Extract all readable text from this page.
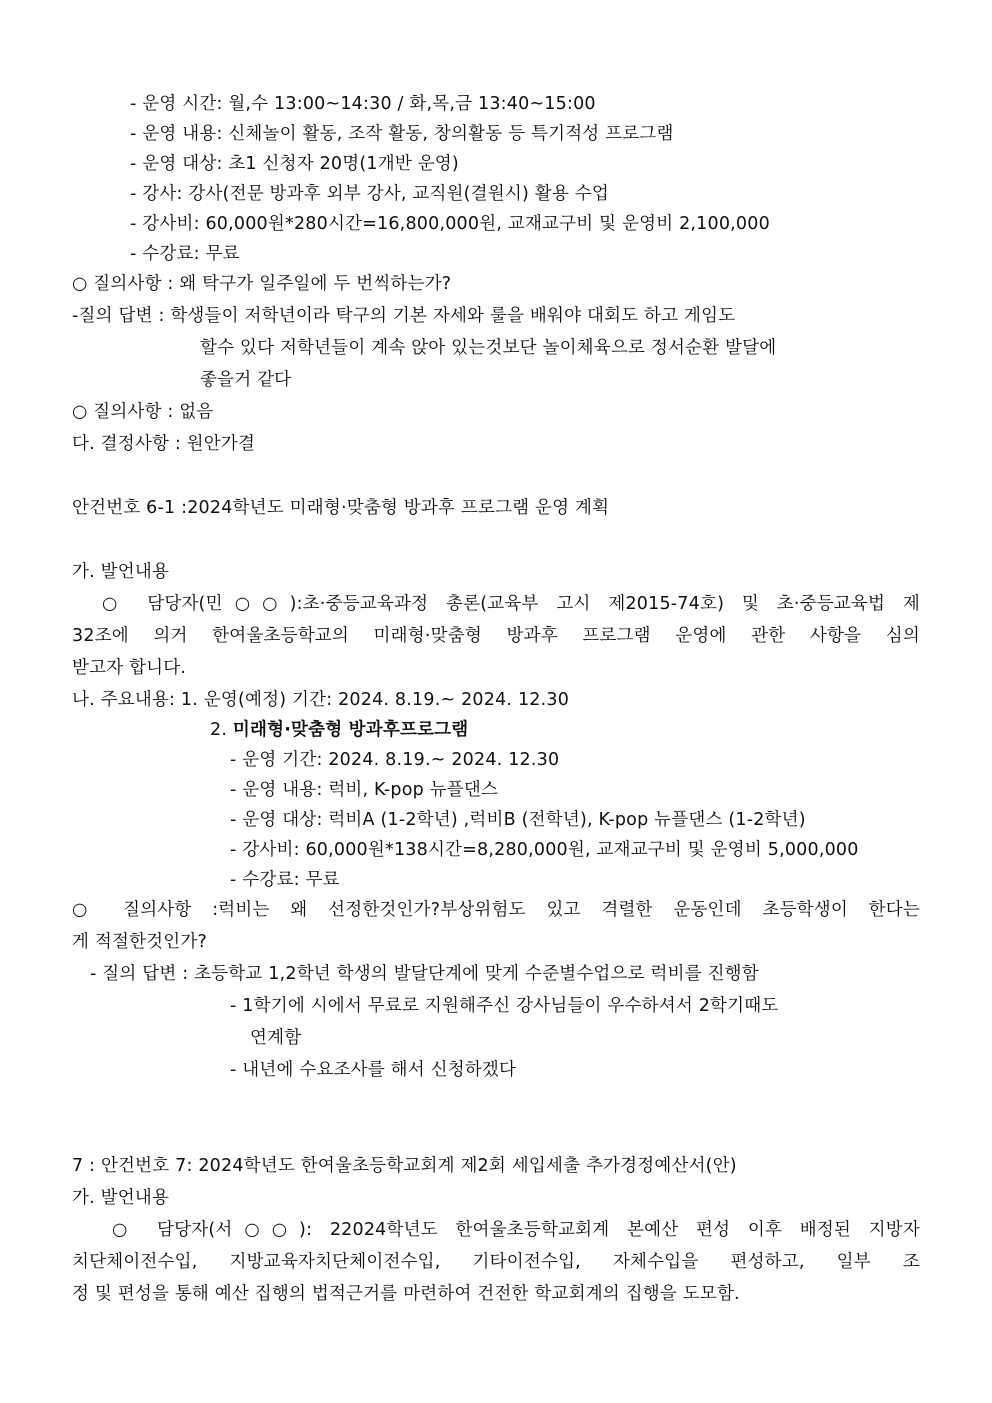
- 운영 시간: 월,수 13:00~14:30 / 화,목,금 13:40~15:00
- 운영 내용: 신체놀이 활동, 조작 활동, 창의활동 등 특기적성 프로그램
- 운영 대상: 초1 신청자 20명(1개반 운영)
- 강사: 강사(전문 방과후 외부 강사, 교직원(결원시) 활용 수업
- 강사비: 60,000원*280시간=16,800,000원, 교재교구비 및 운영비 2,100,000
- 수강료: 무료
○ 질의사항 : 왜 탁구가 일주일에 두 번씩하는가?
-질의 답변 : 학생들이 저학년이라 탁구의 기본 자세와 룰을 배워야 대회도 하고 게임도
할수 있다 저학년들이 계속 앉아 있는것보단 놀이체육으로 정서순환 발달에
좋을거 같다
○ 질의사항 : 없음
다. 결정사항 : 원안가결
안건번호 6-1 :2024학년도 미래형·맞춤형 방과후 프로그램 운영 계획
가. 발언내용
○ 담당자(민○○):초·중등교육과정 총론(교육부 고시 제2015-74호) 및 초·중등교육법 제
32조에 의거 한여울초등학교의 미래형·맞춤형 방과후 프로그램 운영에 관한 사항을 심의
받고자 합니다.
나. 주요내용: 1. 운영(예정) 기간: 2024. 8.19.~ 2024. 12.30
2. 미래형·맞춤형 방과후프로그램
- 운영 기간: 2024. 8.19.~ 2024. 12.30
- 운영 내용: 럭비, K-pop 뉴플댄스
- 운영 대상: 럭비A (1-2학년) ,럭비B (전학년), K-pop 뉴플댄스 (1-2학년)
- 강사비: 60,000원*138시간=8,280,000원, 교재교구비 및 운영비 5,000,000
- 수강료: 무료
○ 질의사항 :럭비는 왜 선정한것인가?부상위험도 있고 격렬한 운동인데 초등학생이 한다는
게 적절한것인가?
- 질의 답변 : 초등학교 1,2학년 학생의 발달단계에 맞게 수준별수업으로 럭비를 진행함
- 1학기에 시에서 무료로 지원해주신 강사님들이 우수하셔서 2학기때도
연계함
- 내년에 수요조사를 해서 신청하겠다
7 : 안건번호 7: 2024학년도 한여울초등학교회계 제2회 세입세출 추가경정예산서(안)
가. 발언내용
○ 담당자(서○○): 22024학년도 한여울초등학교회계 본예산 편성 이후 배정된 지방자
치단체이전수입, 지방교육자치단체이전수입, 기타이전수입, 자체수입을 편성하고, 일부 조
정 및 편성을 통해 예산 집행의 법적근거를 마련하여 건전한 학교회계의 집행을 도모함.
